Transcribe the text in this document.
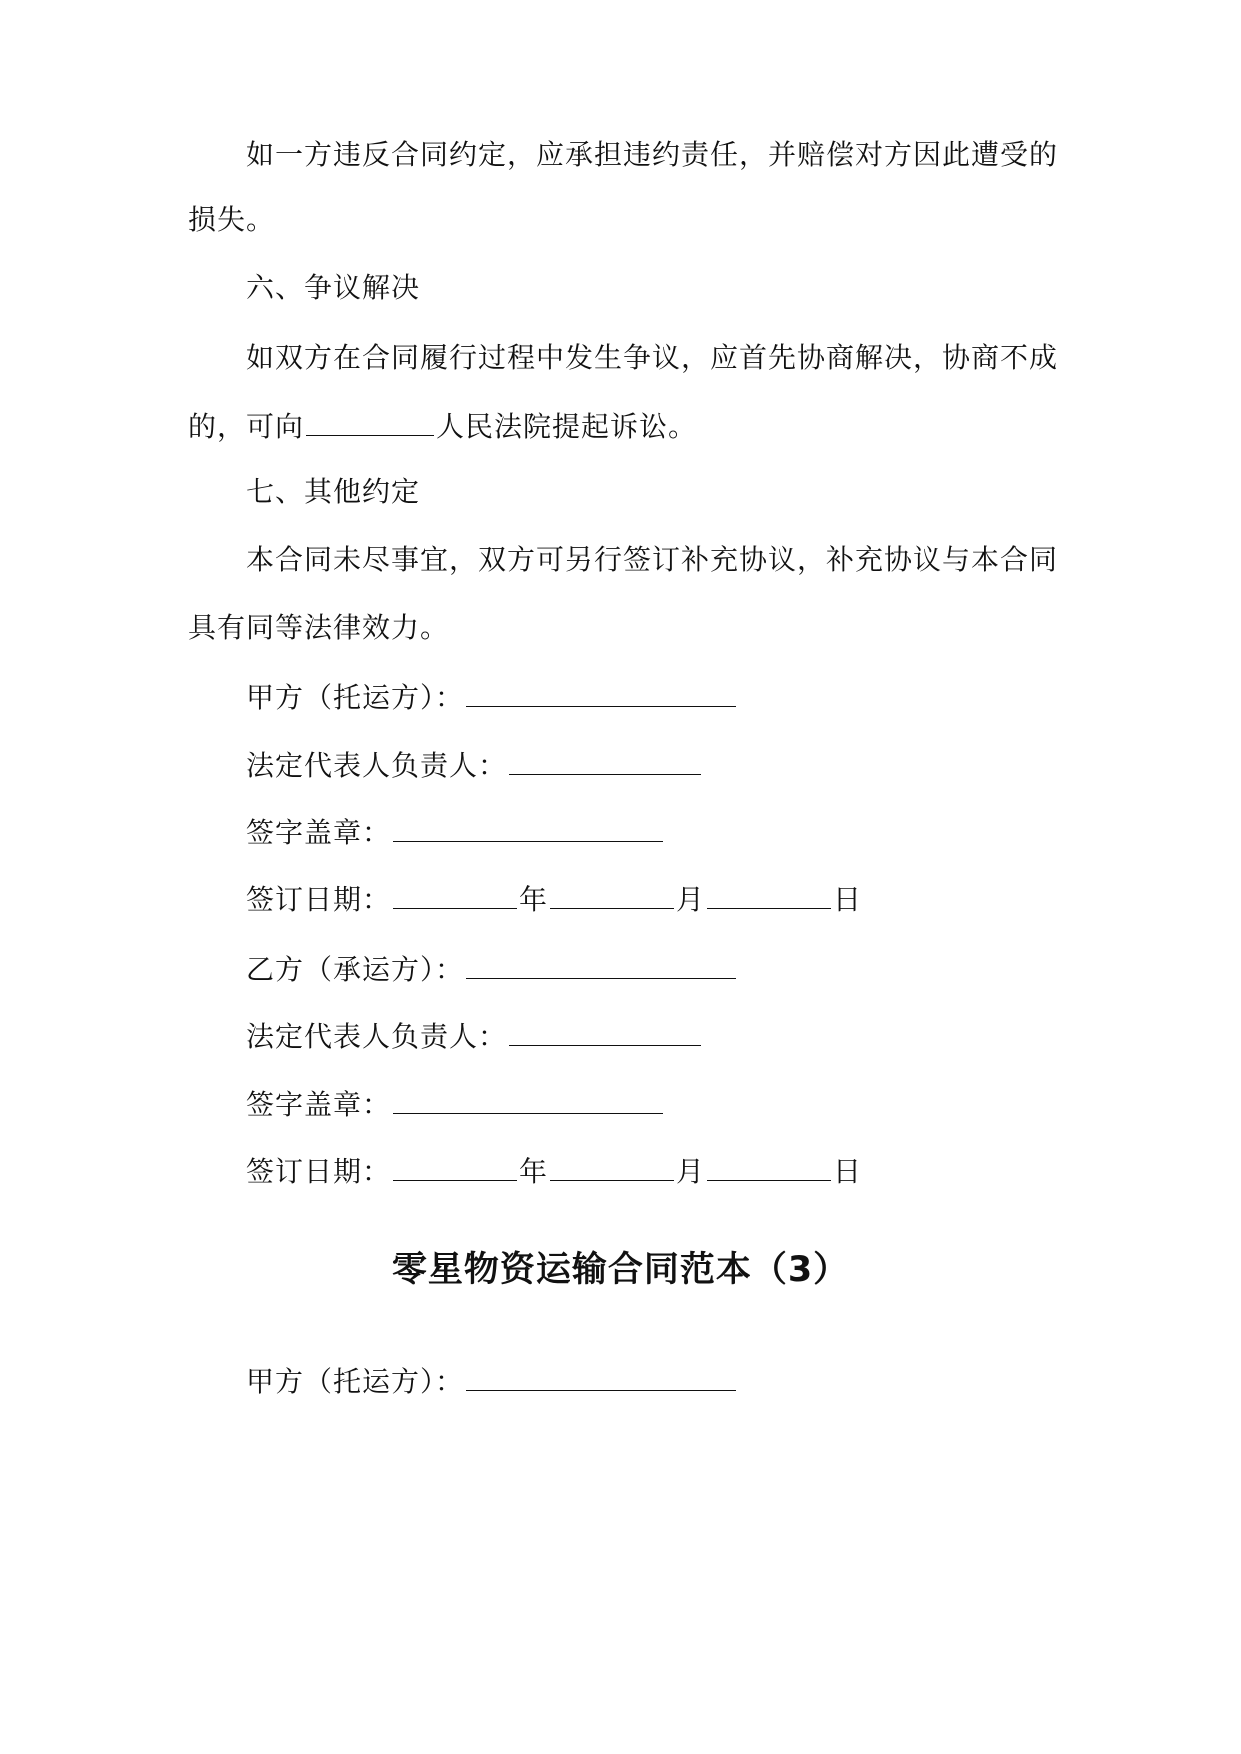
如一方违反合同约定，应承担违约责任，并赔偿对方因此遭受的
损失。
六、争议解决
如双方在合同履行过程中发生争议，应首先协商解决，协商不成
的，可向	人民法院提起诉讼。
七、其他约定
本合同未尽事宜，双方可另行签订补充协议，补充协议与本合同
具有同等法律效力。
甲方（托运方）：
法定代表人负责人：
签字盖章：
签订日期：	年	月	日
乙方（承运方）：
法定代表人负责人：
签字盖章：
签订日期：	年	月	日
零星物资运输合同范本（3）
甲方（托运方）：
